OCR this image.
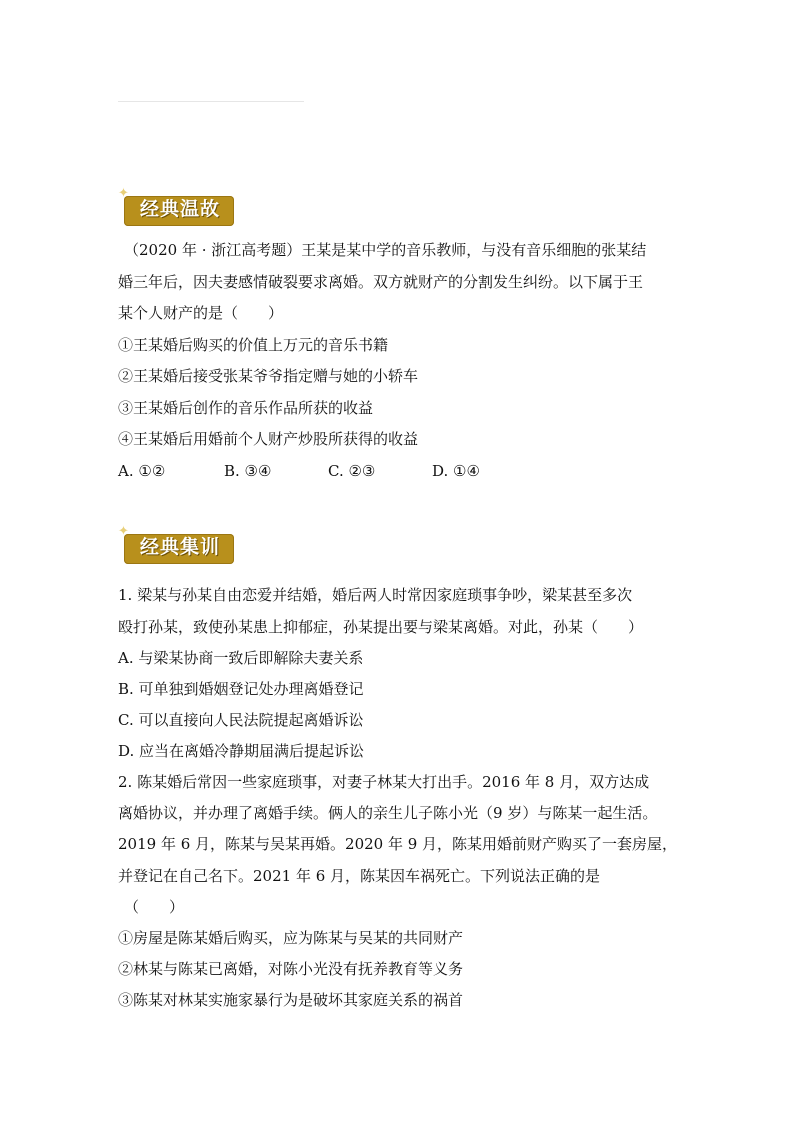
✦
经典温故
（2020 年 · 浙江高考题）王某是某中学的音乐教师，与没有音乐细胞的张某结
婚三年后，因夫妻感情破裂要求离婚。双方就财产的分割发生纠纷。以下属于王
某个人财产的是（　　）
①王某婚后购买的价值上万元的音乐书籍
②王某婚后接受张某爷爷指定赠与她的小轿车
③王某婚后创作的音乐作品所获的收益
④王某婚后用婚前个人财产炒股所获得的收益
A. ①②	B. ③④	C. ②③	D. ①④
✦
经典集训
1. 梁某与孙某自由恋爱并结婚，婚后两人时常因家庭琐事争吵，梁某甚至多次
殴打孙某，致使孙某患上抑郁症，孙某提出要与梁某离婚。对此，孙某（　　）
A. 与梁某协商一致后即解除夫妻关系
B. 可单独到婚姻登记处办理离婚登记
C. 可以直接向人民法院提起离婚诉讼
D. 应当在离婚冷静期届满后提起诉讼
2. 陈某婚后常因一些家庭琐事，对妻子林某大打出手。2016 年 8 月，双方达成
离婚协议，并办理了离婚手续。俩人的亲生儿子陈小光（9 岁）与陈某一起生活。
2019 年 6 月，陈某与吴某再婚。2020 年 9 月，陈某用婚前财产购买了一套房屋，
并登记在自己名下。2021 年 6 月，陈某因车祸死亡。下列说法正确的是
（　　）
①房屋是陈某婚后购买，应为陈某与吴某的共同财产
②林某与陈某已离婚，对陈小光没有抚养教育等义务
③陈某对林某实施家暴行为是破坏其家庭关系的祸首
